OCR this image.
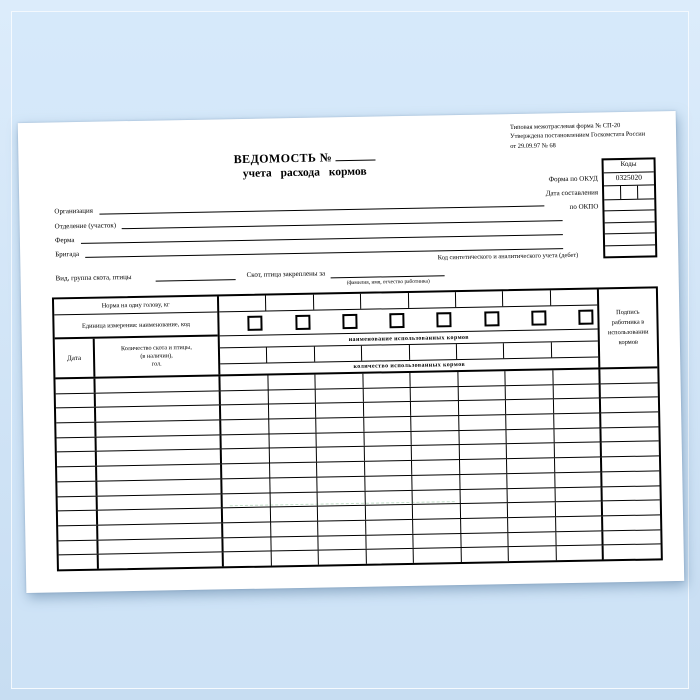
Типовая межотраслевая форма № СП-20
Утверждена постановлением Госкомстата России
от 29.09.97 № 68
ВЕДОМОСТЬ №
учета расхода кормов
Коды
0325020
Форма по ОКУД
Дата составления
по ОКПО
Организация
Отделение (участок)
Ферма
Бригада	Код синтетического и аналитического учета (дебет)
Вид, группа скота, птицы	Скот, птица закреплены за
(фамилия, имя, отчество работника)
Норма на одну голову, кг
Единица измерения: наименование, код
Дата
Количество скота и птицы,
(в наличии),
гол.
наименование использованных кормов
количество использованных кормов
Подпись работника в использовании кормов
